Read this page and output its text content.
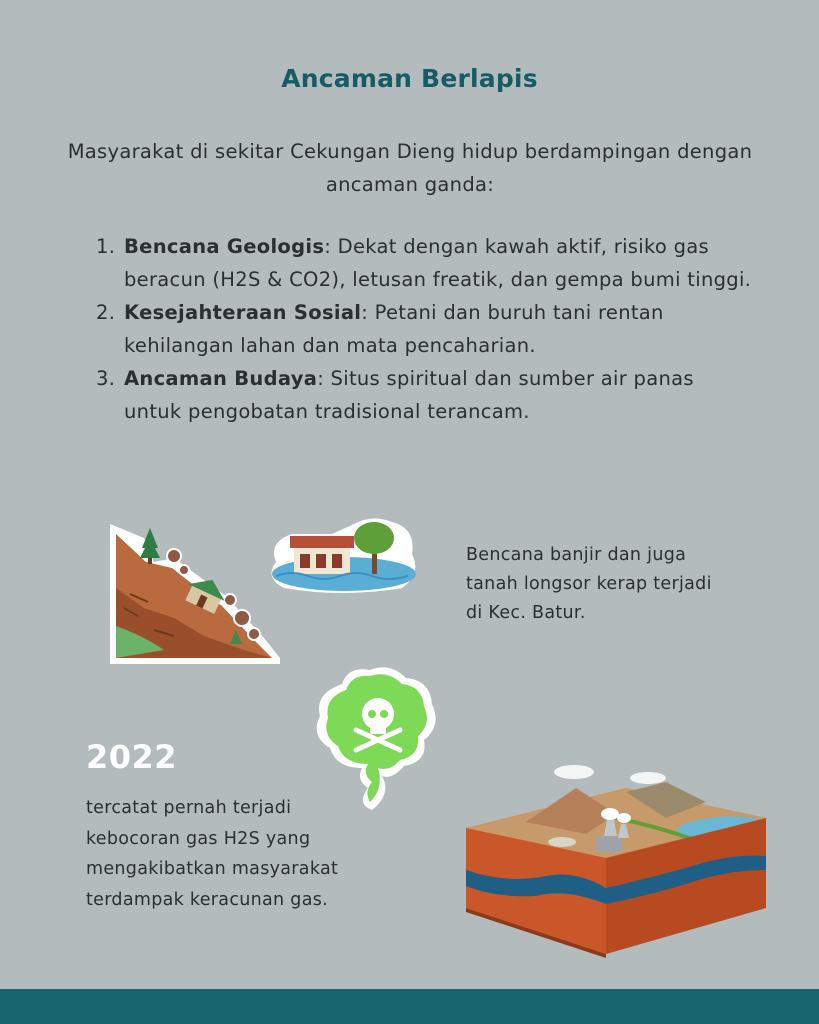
Ancaman Berlapis
Masyarakat di sekitar Cekungan Dieng hidup berdampingan dengan ancaman ganda:
1. Bencana Geologis: Dekat dengan kawah aktif, risiko gas beracun (H2S & CO2), letusan freatik, dan gempa bumi tinggi.
2. Kesejahteraan Sosial: Petani dan buruh tani rentan kehilangan lahan dan mata pencaharian.
3. Ancaman Budaya: Situs spiritual dan sumber air panas untuk pengobatan tradisional terancam.
Bencana banjir dan juga tanah longsor kerap terjadi di Kec. Batur.
2022
tercatat pernah terjadi kebocoran gas H2S yang mengakibatkan masyarakat terdampak keracunan gas.
